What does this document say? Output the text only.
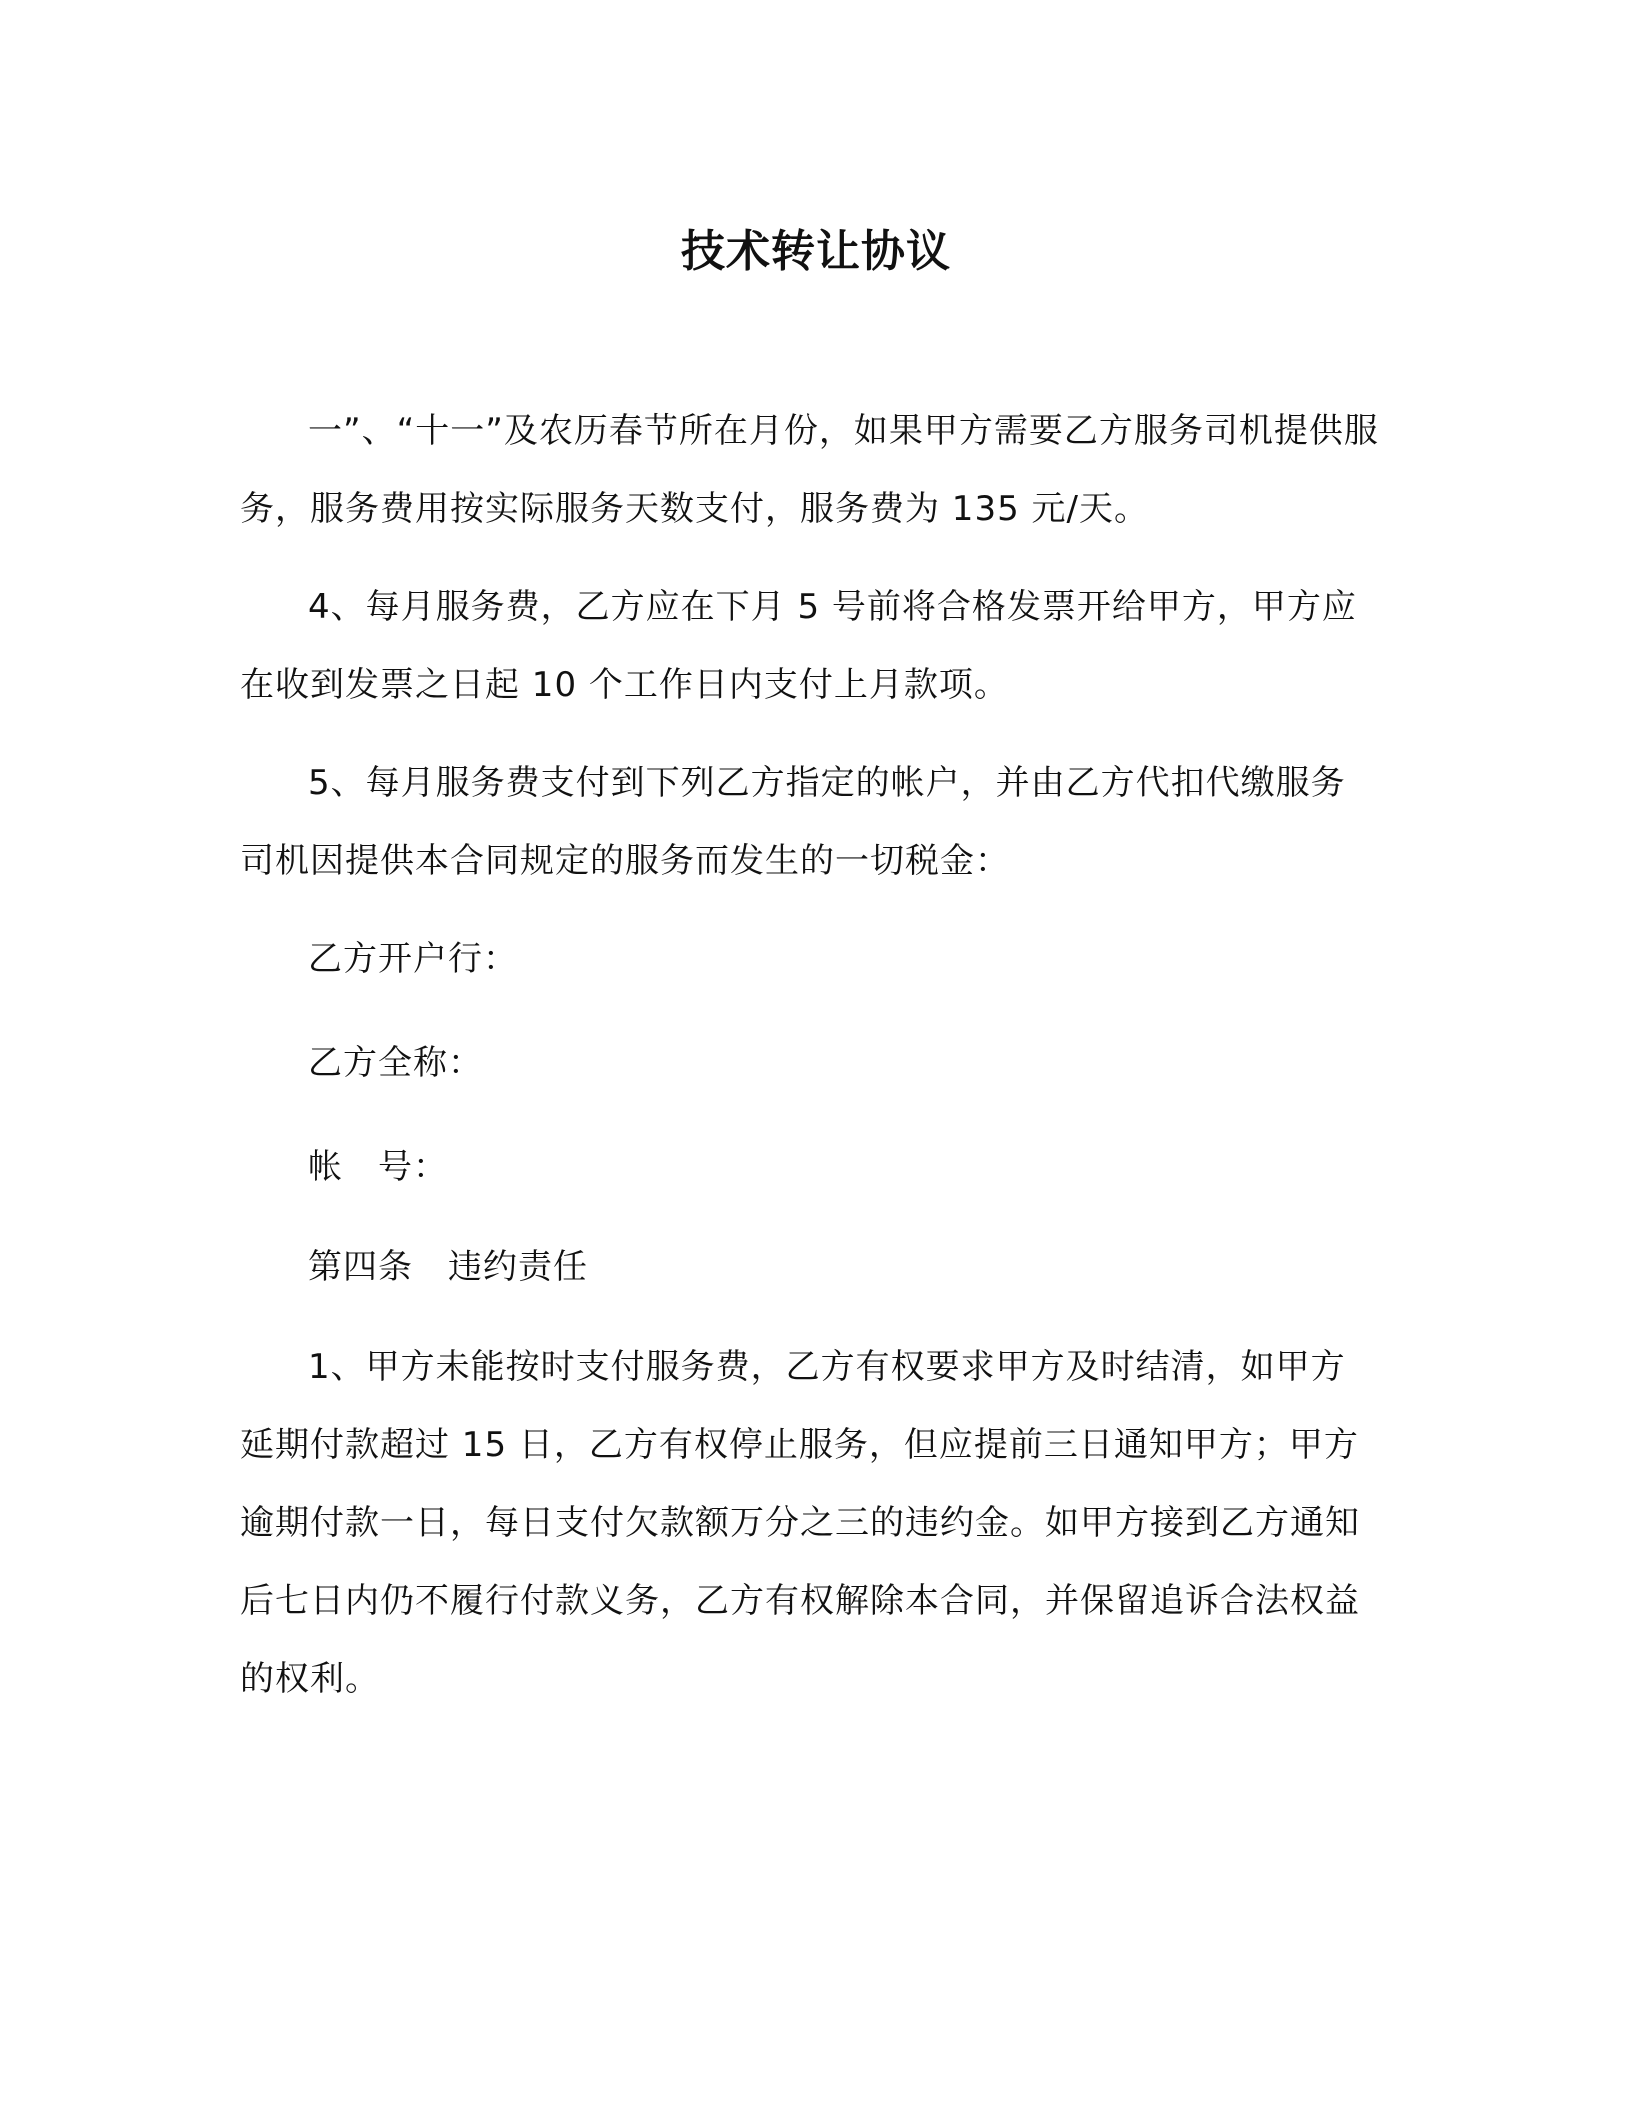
技术转让协议

一”、“十一”及农历春节所在月份，如果甲方需要乙方服务司机提供服务，服务费用按实际服务天数支付，服务费为 135 元/天。

4、每月服务费，乙方应在下月 5 号前将合格发票开给甲方，甲方应在收到发票之日起 10 个工作日内支付上月款项。

5、每月服务费支付到下列乙方指定的帐户，并由乙方代扣代缴服务司机因提供本合同规定的服务而发生的一切税金：

乙方开户行：

乙方全称：

帐　号：

第四条　违约责任

1、甲方未能按时支付服务费，乙方有权要求甲方及时结清，如甲方延期付款超过 15 日，乙方有权停止服务，但应提前三日通知甲方；甲方逾期付款一日，每日支付欠款额万分之三的违约金。如甲方接到乙方通知后七日内仍不履行付款义务，乙方有权解除本合同，并保留追诉合法权益的权利。
